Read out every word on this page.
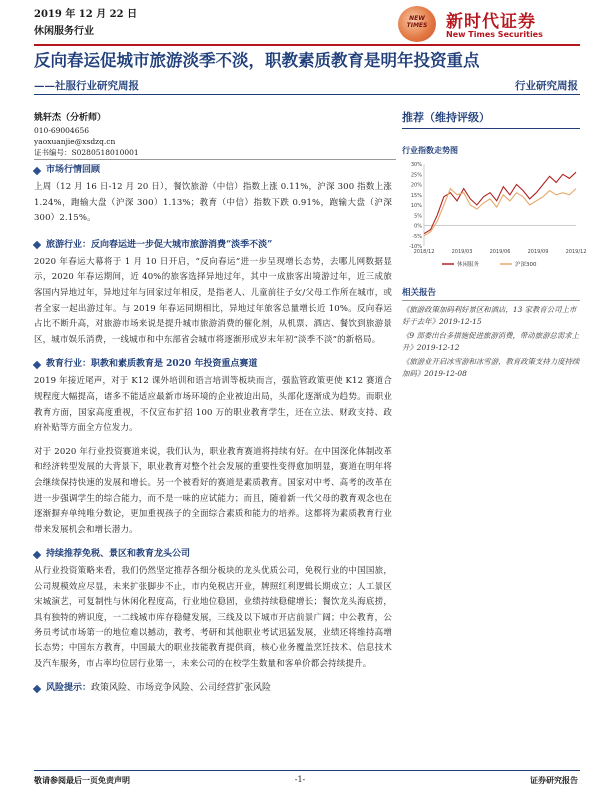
2019 年 12 月 22 日
休闲服务行业
NEW TIMES	新时代证券
New Times Securities
反向春运促城市旅游淡季不淡，职教素质教育是明年投资重点
——社服行业研究周报	行业研究周报
姚轩杰（分析师）
010-69004656
yaoxuanjie@xsdzq.cn
证书编号：S0280518010001
市场行情回顾

上周（12 月 16 日-12 月 20 日），餐饮旅游（中信）指数上涨 0.11%，沪深 300 指数上涨 1.24%，跑输大盘（沪深 300）1.13%；教育（中信）指数下跌 0.91%，跑输大盘（沪深 300）2.15%。

旅游行业：反向春运进一步促大城市旅游消费“淡季不淡”

2020 年春运大幕将于 1 月 10 日开启，“反向春运”进一步呈现增长态势，去哪儿网数据显示，2020 年春运期间，近 40%的旅客选择异地过年，其中一成旅客出境游过年，近三成旅客国内异地过年，异地过年与回家过年相反，是指老人、儿童前往子女/父母工作所在城市，或者全家一起出游过年。与 2019 年春运同期相比，异地过年旅客总量增长近 10%。反向春运占比不断升高，对旅游市场来说是提升城市旅游消费的催化剂，从机票、酒店、餐饮到旅游景区，城市娱乐消费，一线城市和中东部省会城市将逐渐形成岁末年初“淡季不淡”的新格局。

教育行业：职教和素质教育是 2020 年投资重点赛道

2019 年接近尾声，对于 K12 课外培训和语言培训等板块而言，强监管政策更使 K12 赛道合规程度大幅提高，诸多不能适应最新市场环境的企业被迫出局，头部化逐渐成为趋势。而职业教育方面，国家高度重视，不仅宣布扩招 100 万的职业教育学生，还在立法、财政支持、政府补贴等方面全方位发力。

对于 2020 年行业投资赛道来说，我们认为，职业教育赛道将持续有好。在中国深化体制改革和经济转型发展的大背景下，职业教育对整个社会发展的重要性变得愈加明显，赛道在明年将会继续保持快速的发展和增长。另一个被看好的赛道是素质教育。国家对中考、高考的改革在进一步强调学生的综合能力，而不是一味的应试能力；而且，随着新一代父母的教育观念也在逐渐摒弃单纯唯分数论，更加重视孩子的全面综合素质和能力的培养。这都将为素质教育行业带来发展机会和增长潜力。

持续推荐免税、景区和教育龙头公司

从行业投资策略来看，我们仍然坚定推荐各细分板块的龙头优质公司，免税行业的中国国旅，公司规模效应尽显，未来扩张脚步不止，市内免税店开业，牌照红利逻辑长期成立；人工景区宋城演艺，可复制性与休闲化程度高，行业地位稳固，业绩持续稳健增长；餐饮龙头海底捞，具有独特的辨识度，一二线城市库存稳健发展，三线及以下城市开店前景广阔；中公教育，公务员考试市场第一的地位难以撼动，教考、考研和其他职业考试迅猛发展，业绩还将维持高增长态势；中国东方教育，中国最大的职业技能教育提供商，核心业务覆盖烹饪技术、信息技术及汽车服务，市占率均位居行业第一，未来公司的在校学生数量和客单价都会持续提升。

风险提示： 政策风险、市场竞争风险、公司经营扩张风险
推荐（维持评级）
行业指数走势图
30%
25%
20%
15%
10%
5%
0%
-5%
-10%
2018/12	2019/03	2019/06	2019/09	2019/12
休闲服务	沪深300
相关报告
《旅游政策加码利好景区和酒店，13 家教育公司上市好于去年》2019-12-15
《9 部委出台多措施促进旅游消费，带动旅游总需求上升》2019-12-12
《旅游业开启冰雪游和冰雪游，教育政策支持力度持续加码》2019-12-08
敬请参阅最后一页免责声明	-1-	证券研究报告
